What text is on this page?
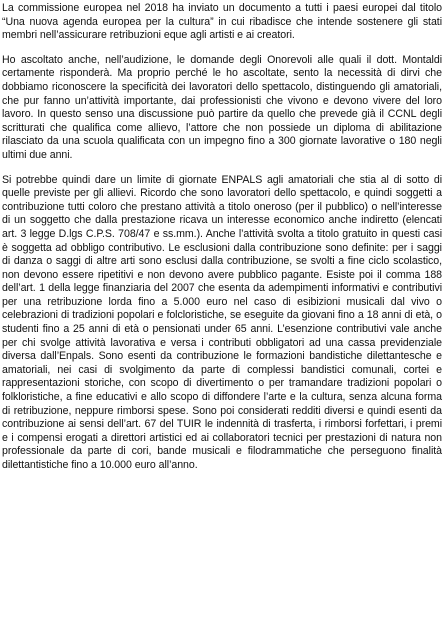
La commissione europea nel 2018 ha inviato un documento a tutti i paesi europei dal titolo “Una nuova agenda europea per la cultura” in cui ribadisce che intende sostenere gli stati membri nell’assicurare retribuzioni eque agli artisti e ai creatori.

Ho ascoltato anche, nell’audizione, le domande degli Onorevoli alle quali il dott. Montaldi certamente risponderà. Ma proprio perché le ho ascoltate, sento la necessità di dirvi che dobbiamo riconoscere la specificità dei lavoratori dello spettacolo, distinguendo gli amatoriali, che pur fanno un’attività importante, dai professionisti che vivono e devono vivere del loro lavoro. In questo senso una discussione può partire da quello che prevede già il CCNL degli scritturati che qualifica come allievo, l’attore che non possiede un diploma di abilitazione rilasciato da una scuola qualificata con un impegno fino a 300 giornate lavorative o 180 negli ultimi due anni.

Si potrebbe quindi dare un limite di giornate ENPALS agli amatoriali che stia al di sotto di quelle previste per gli allievi. Ricordo che sono lavoratori dello spettacolo, e quindi soggetti a contribuzione tutti coloro che prestano attività a titolo oneroso (per il pubblico) o nell’interesse di un soggetto che dalla prestazione ricava un interesse economico anche indiretto (elencati art. 3 legge D.lgs C.P.S. 708/47 e ss.mm.). Anche l’attività svolta a titolo gratuito in questi casi è soggetta ad obbligo contributivo. Le esclusioni dalla contribuzione sono definite: per i saggi di danza o saggi di altre arti sono esclusi dalla contribuzione, se svolti a fine ciclo scolastico, non devono essere ripetitivi e non devono avere pubblico pagante. Esiste poi il comma 188 dell’art. 1 della legge finanziaria del 2007 che esenta da adempimenti informativi e contributivi per una retribuzione lorda fino a 5.000 euro nel caso di esibizioni musicali dal vivo o celebrazioni di tradizioni popolari e folcloristiche, se eseguite da giovani fino a 18 anni di età, o studenti fino a 25 anni di età o pensionati under 65 anni. L’esenzione contributivi vale anche per chi svolge attività lavorativa e versa i contributi obbligatori ad una cassa previdenziale diversa dall’Enpals. Sono esenti da contribuzione le formazioni bandistiche dilettantesche e amatoriali, nei casi di svolgimento da parte di complessi bandistici comunali, cortei e rappresentazioni storiche, con scopo di divertimento o per tramandare tradizioni popolari o folkloristiche, a fine educativi e allo scopo di diffondere l’arte e la cultura, senza alcuna forma di retribuzione, neppure rimborsi spese. Sono poi considerati redditi diversi e quindi esenti da contribuzione ai sensi dell’art. 67 del TUIR le indennità di trasferta, i rimborsi forfettari, i premi e i compensi erogati a direttori artistici ed ai collaboratori tecnici per prestazioni di natura non professionale da parte di cori, bande musicali e filodrammatiche che perseguono finalità dilettantistiche fino a 10.000 euro all’anno.
